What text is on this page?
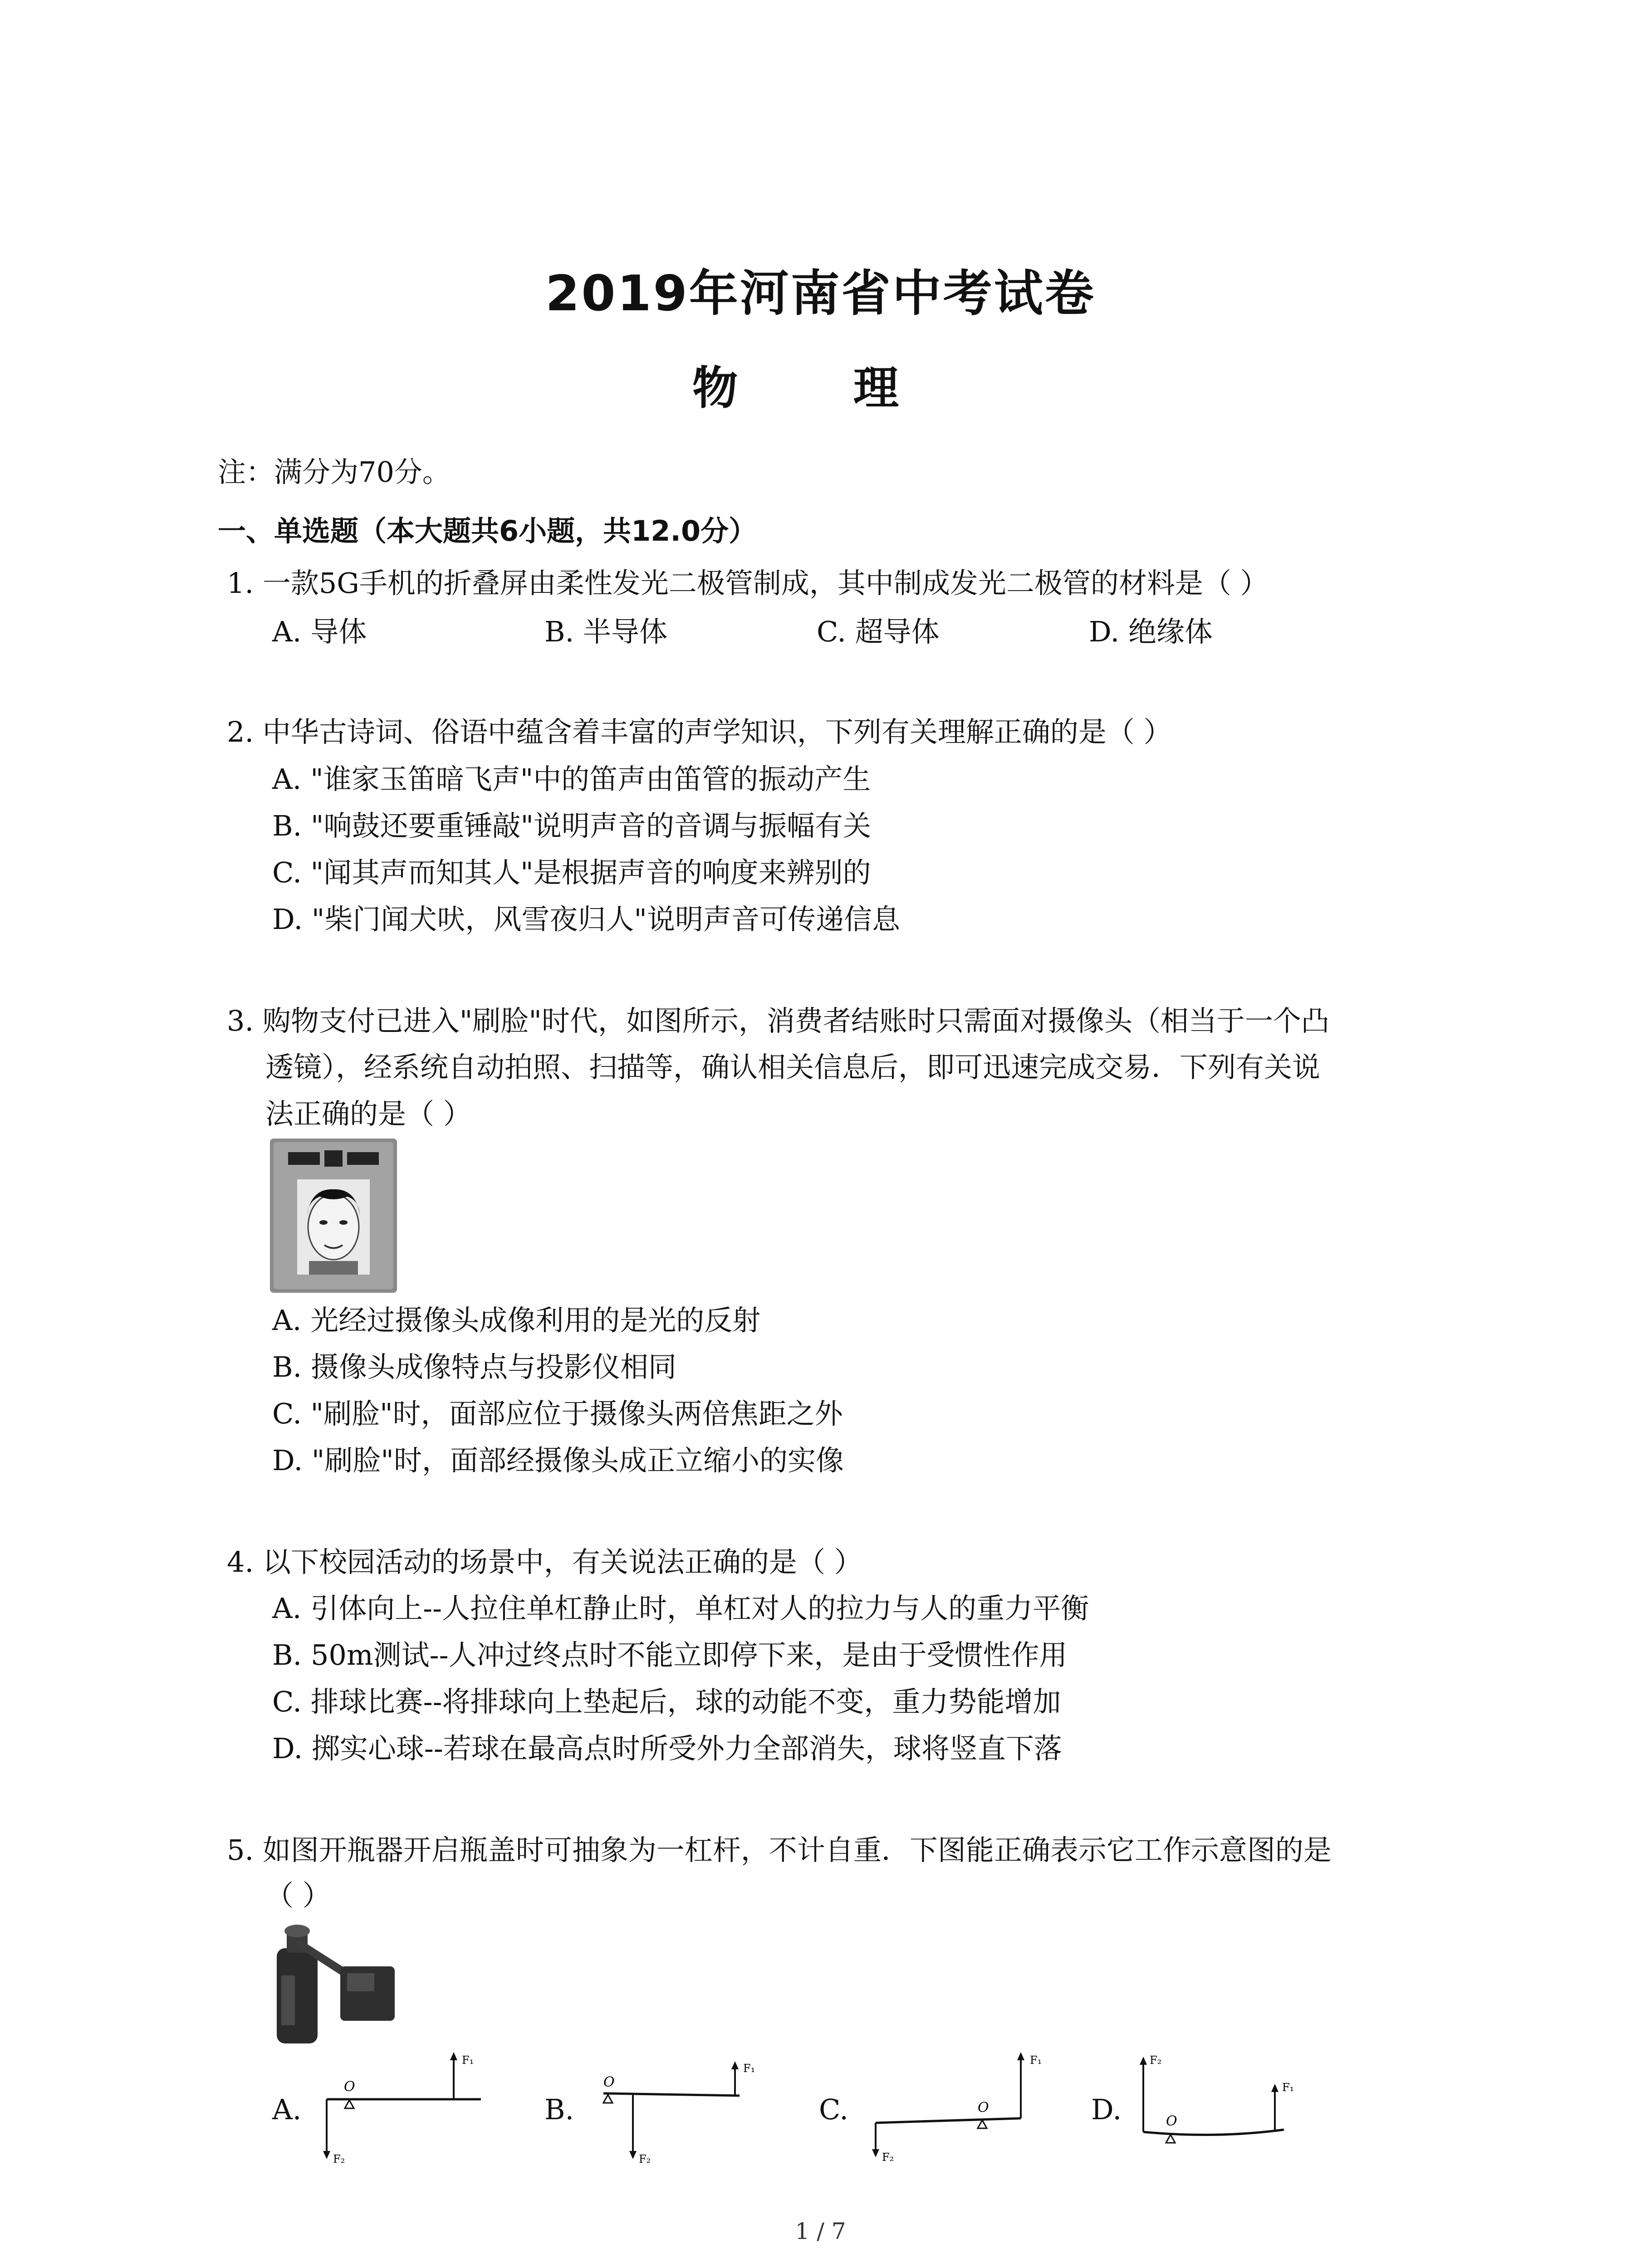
2019年河南省中考试卷
物 理
注：满分为70分。
一、单选题（本大题共6小题，共12.0分）
1. 一款5G手机的折叠屏由柔性发光二极管制成，其中制成发光二极管的材料是（ ）
A. 导体	B. 半导体	C. 超导体	D. 绝缘体
2. 中华古诗词、俗语中蕴含着丰富的声学知识，下列有关理解正确的是（ ）
A. "谁家玉笛暗飞声"中的笛声由笛管的振动产生
B. "响鼓还要重锤敲"说明声音的音调与振幅有关
C. "闻其声而知其人"是根据声音的响度来辨别的
D. "柴门闻犬吠，风雪夜归人"说明声音可传递信息
3. 购物支付已进入"刷脸"时代，如图所示，消费者结账时只需面对摄像头（相当于一个凸
透镜），经系统自动拍照、扫描等，确认相关信息后，即可迅速完成交易．下列有关说
法正确的是（ ）
A. 光经过摄像头成像利用的是光的反射
B. 摄像头成像特点与投影仪相同
C. "刷脸"时，面部应位于摄像头两倍焦距之外
D. "刷脸"时，面部经摄像头成正立缩小的实像
4. 以下校园活动的场景中，有关说法正确的是（ ）
A. 引体向上--人拉住单杠静止时，单杠对人的拉力与人的重力平衡
B. 50m测试--人冲过终点时不能立即停下来，是由于受惯性作用
C. 排球比赛--将排球向上垫起后，球的动能不变，重力势能增加
D. 掷实心球--若球在最高点时所受外力全部消失，球将竖直下落
5. 如图开瓶器开启瓶盖时可抽象为一杠杆，不计自重．下图能正确表示它工作示意图的是
（ ）
A.
O
F₁
F₂
B.
O
F₁
F₂
C.	O
F₁
F₂
D.	O
F₂
F₁
1 / 7
